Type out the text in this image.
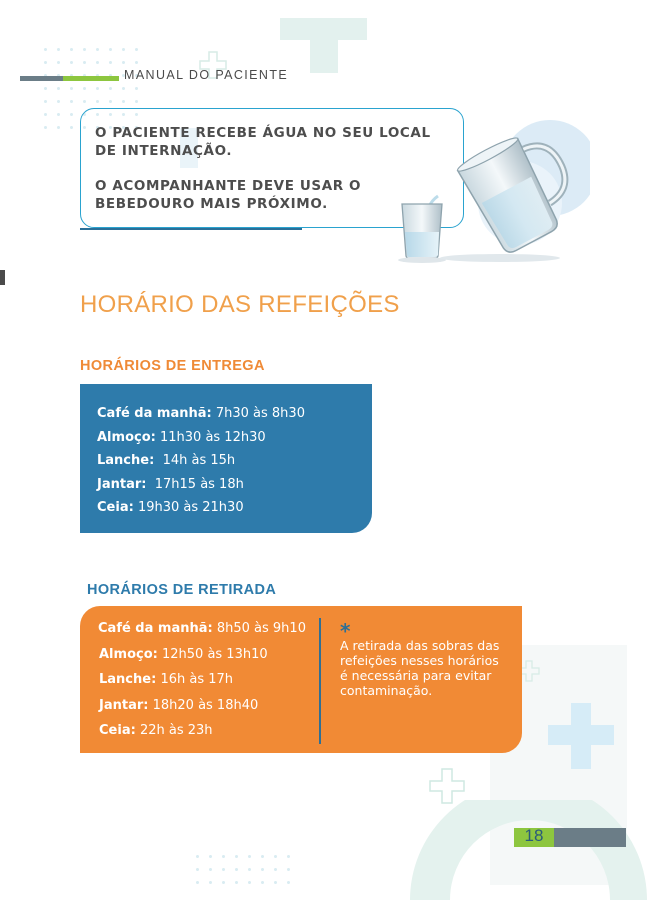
MANUAL DO PACIENTE
O PACIENTE RECEBE ÁGUA NO SEU LOCAL DE INTERNAÇÃO.
O ACOMPANHANTE DEVE USAR O BEBEDOURO MAIS PRÓXIMO.
HORÁRIO DAS REFEIÇÕES
HORÁRIOS DE ENTREGA
Café da manhã: 7h30 às 8h30
Almoço: 11h30 às 12h30
Lanche: 14h às 15h
Jantar: 17h15 às 18h
Ceia: 19h30 às 21h30
HORÁRIOS DE RETIRADA
Café da manhã: 8h50 às 9h10
Almoço: 12h50 às 13h10
Lanche: 16h às 17h
Jantar: 18h20 às 18h40
Ceia: 22h às 23h
*
A retirada das sobras das refeições nesses horários é necessária para evitar contaminação.
18
